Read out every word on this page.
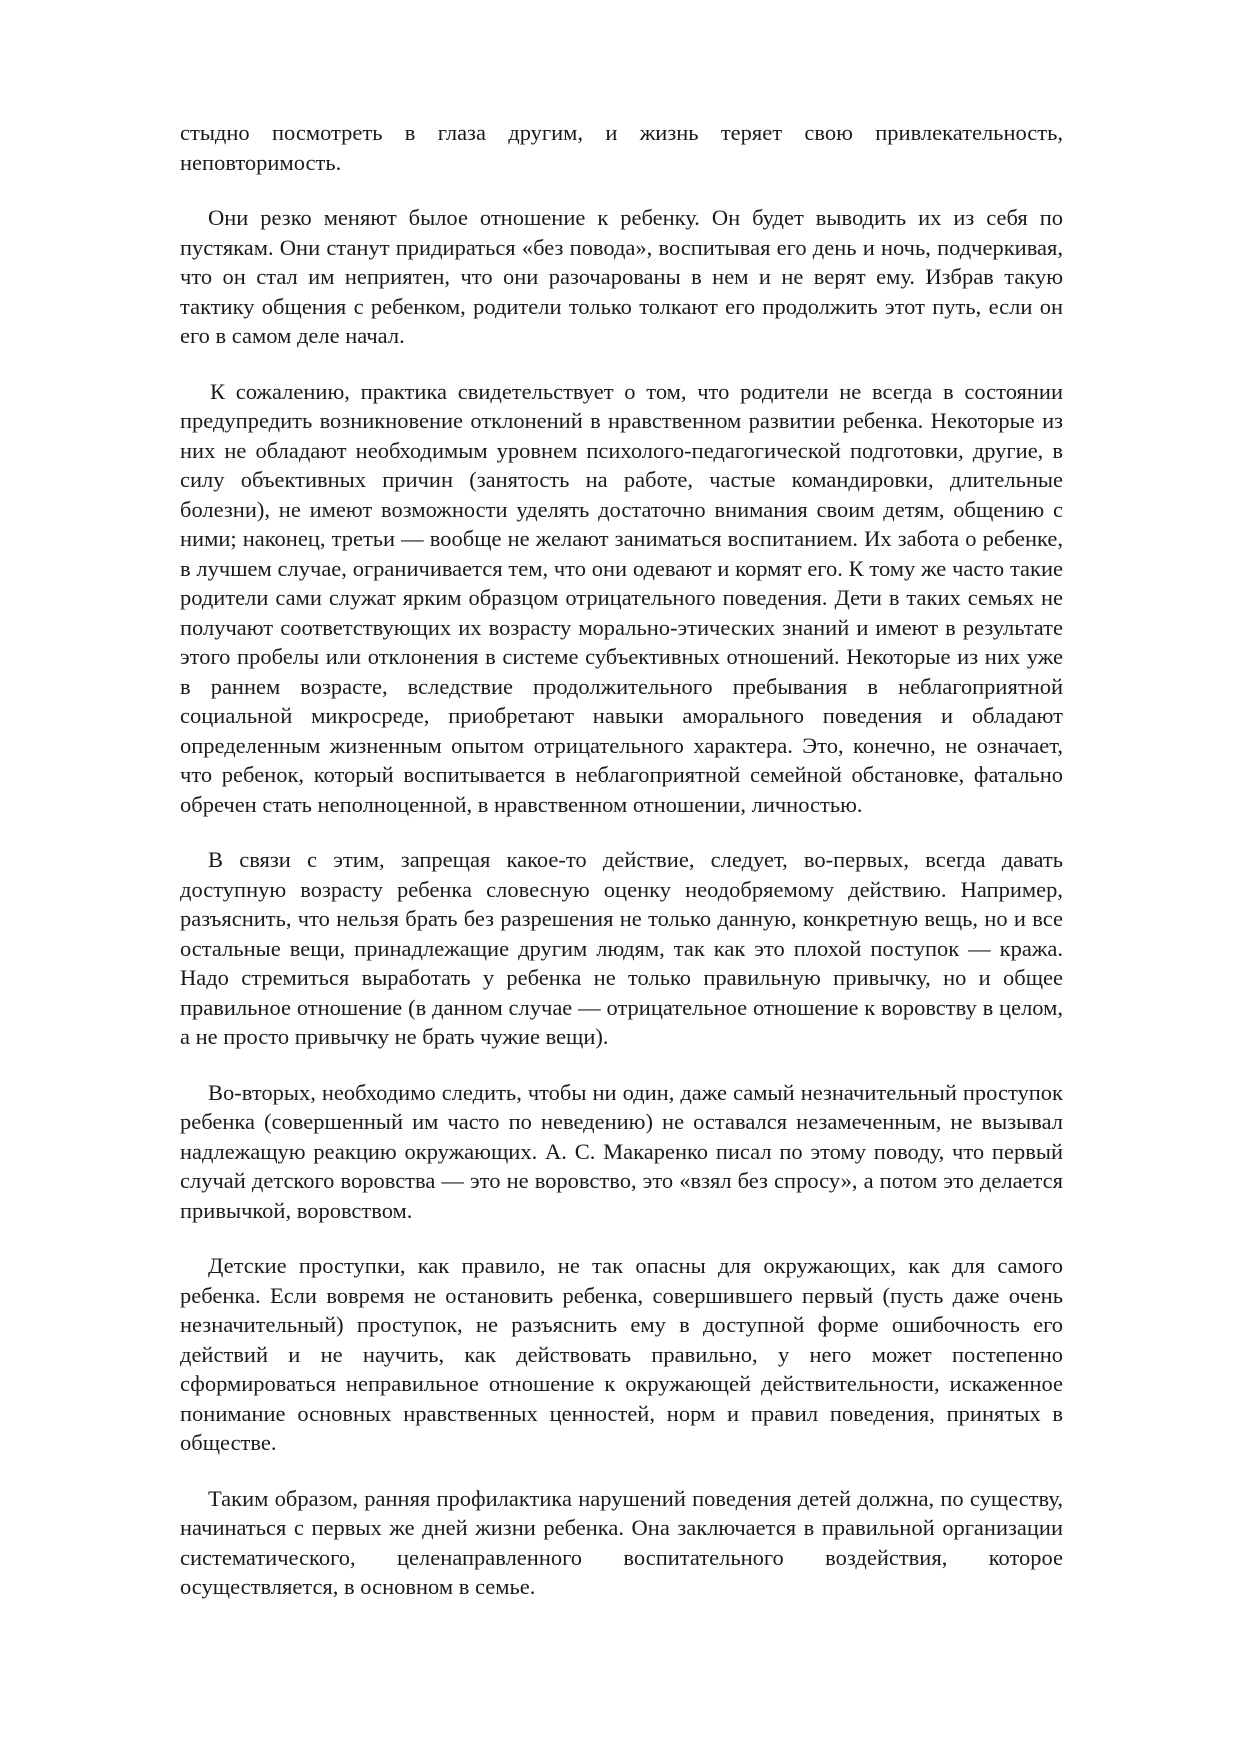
стыдно посмотреть в глаза другим, и жизнь теряет свою привлекательность, неповторимость.

Они резко меняют былое отношение к ребенку. Он будет выводить их из себя по пустякам. Они станут придираться «без повода», воспитывая его день и ночь, подчеркивая, что он стал им неприятен, что они разочарованы в нем и не верят ему. Избрав такую тактику общения с ребенком, родители только толкают его продолжить этот путь, если он его в самом деле начал.

К сожалению, практика свидетельствует о том, что родители не всегда в состоянии предупредить возникновение отклонений в нравственном развитии ребенка. Некоторые из них не обладают необходимым уровнем психолого-педагогической подготовки, другие, в силу объективных причин (занятость на работе, частые командировки, длительные болезни), не имеют возможности уделять достаточно внимания своим детям, общению с ними; наконец, третьи — вообще не желают заниматься воспитанием. Их забота о ребенке, в лучшем случае, ограничивается тем, что они одевают и кормят его. К тому же часто такие родители сами служат ярким образцом отрицательного поведения. Дети в таких семьях не получают соответствующих их возрасту морально-этических знаний и имеют в результате этого пробелы или отклонения в системе субъективных отношений. Некоторые из них уже в раннем возрасте, вследствие продолжительного пребывания в неблагоприятной социальной микросреде, приобретают навыки аморального поведения и обладают определенным жизненным опытом отрицательного характера. Это, конечно, не означает, что ребенок, который воспитывается в неблагоприятной семейной обстановке, фатально обречен стать неполноценной, в нравственном отношении, личностью.

В связи с этим, запрещая какое-то действие, следует, во-первых, всегда давать доступную возрасту ребенка словесную оценку неодобряемому действию. Например, разъяснить, что нельзя брать без разрешения не только данную, конкретную вещь, но и все остальные вещи, принадлежащие другим людям, так как это плохой поступок — кража. Надо стремиться выработать у ребенка не только правильную привычку, но и общее правильное отношение (в данном случае — отрицательное отношение к воровству в целом, а не просто привычку не брать чужие вещи).

Во-вторых, необходимо следить, чтобы ни один, даже самый незначительный проступок ребенка (совершенный им часто по неведению) не оставался незамеченным, не вызывал надлежащую реакцию окружающих. А. С. Макаренко писал по этому поводу, что первый случай детского воровства — это не воровство, это «взял без спросу», а потом это делается привычкой, воровством.

Детские проступки, как правило, не так опасны для окружающих, как для самого ребенка. Если вовремя не остановить ребенка, совершившего первый (пусть даже очень незначительный) проступок, не разъяснить ему в доступной форме ошибочность его действий и не научить, как действовать правильно, у него может постепенно сформироваться неправильное отношение к окружающей действительности, искаженное понимание основных нравственных ценностей, норм и правил поведения, принятых в обществе.

Таким образом, ранняя профилактика нарушений поведения детей должна, по существу, начинаться с первых же дней жизни ребенка. Она заключается в правильной организации систематического, целенаправленного воспитательного воздействия, которое осуществляется, в основном в семье.
